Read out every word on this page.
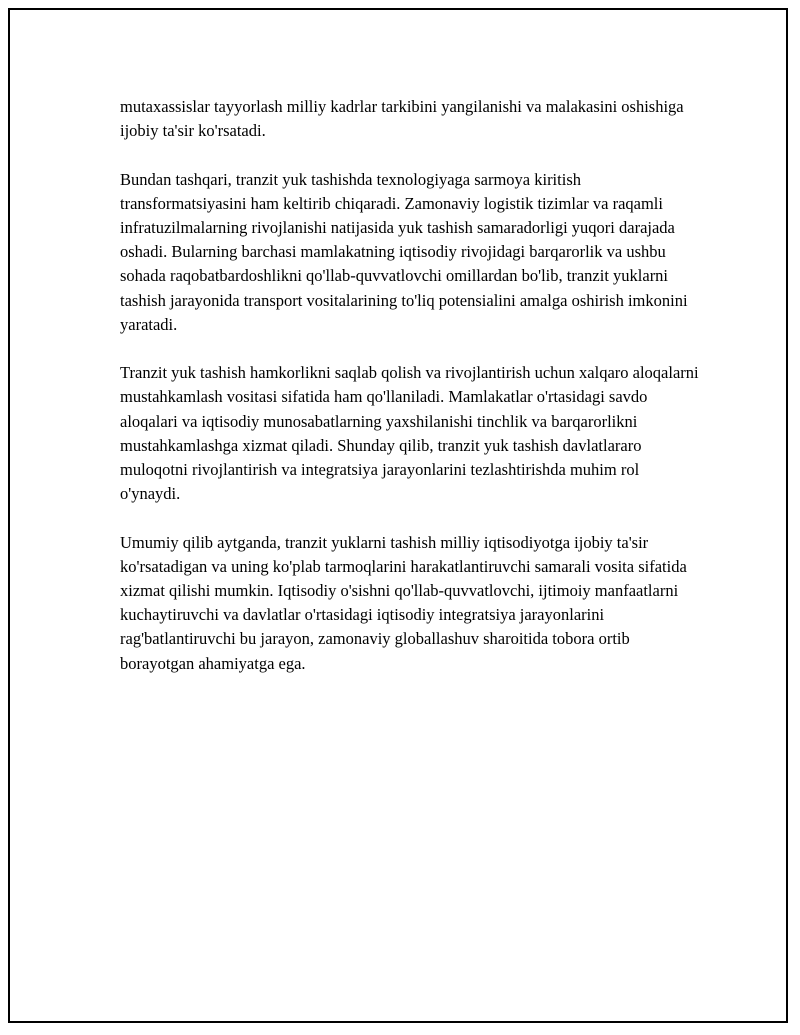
mutaxassislar tayyorlash milliy kadrlar tarkibini yangilanishi va malakasini oshishiga ijobiy ta'sir ko'rsatadi.

Bundan tashqari, tranzit yuk tashishda texnologiyaga sarmoya kiritish transformatsiyasini ham keltirib chiqaradi. Zamonaviy logistik tizimlar va raqamli infratuzilmalarning rivojlanishi natijasida yuk tashish samaradorligi yuqori darajada oshadi. Bularning barchasi mamlakatning iqtisodiy rivojidagi barqarorlik va ushbu sohada raqobatbardoshlikni qo'llab-quvvatlovchi omillardan bo'lib, tranzit yuklarni tashish jarayonida transport vositalarining to'liq potensialini amalga oshirish imkonini yaratadi.

Tranzit yuk tashish hamkorlikni saqlab qolish va rivojlantirish uchun xalqaro aloqalarni mustahkamlash vositasi sifatida ham qo'llaniladi. Mamlakatlar o'rtasidagi savdo aloqalari va iqtisodiy munosabatlarning yaxshilanishi tinchlik va barqarorlikni mustahkamlashga xizmat qiladi. Shunday qilib, tranzit yuk tashish davlatlararo muloqotni rivojlantirish va integratsiya jarayonlarini tezlashtirishda muhim rol o'ynaydi.

Umumiy qilib aytganda, tranzit yuklarni tashish milliy iqtisodiyotga ijobiy ta'sir ko'rsatadigan va uning ko'plab tarmoqlarini harakatlantiruvchi samarali vosita sifatida xizmat qilishi mumkin. Iqtisodiy o'sishni qo'llab-quvvatlovchi, ijtimoiy manfaatlarni kuchaytiruvchi va davlatlar o'rtasidagi iqtisodiy integratsiya jarayonlarini rag'batlantiruvchi bu jarayon, zamonaviy globallashuv sharoitida tobora ortib borayotgan ahamiyatga ega.
